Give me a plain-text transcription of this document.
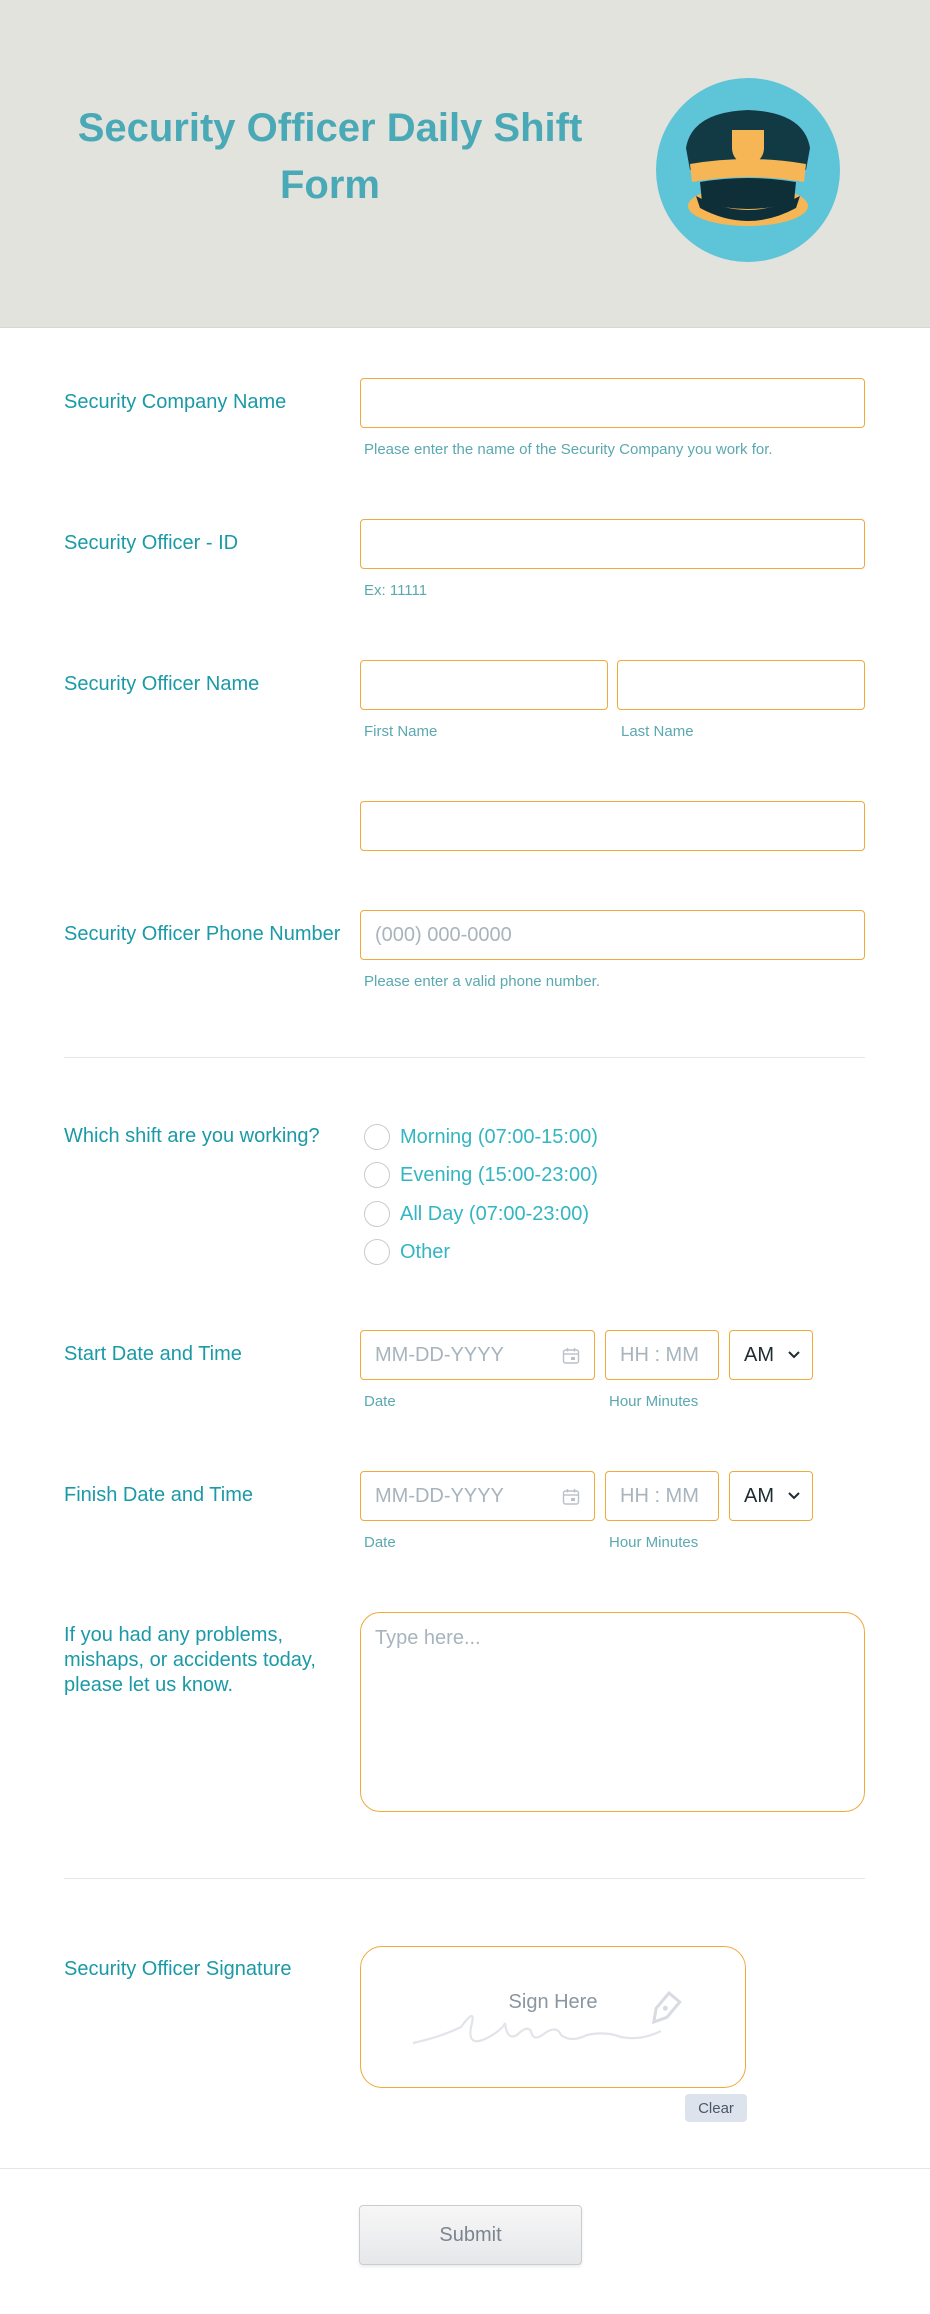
Security Officer Daily Shift Form
Security Company Name
Please enter the name of the Security Company you work for.
Security Officer - ID
Ex: 11111
Security Officer Name
First Name	Last Name
Security Officer Phone Number	(000) 000-0000
Please enter a valid phone number.
Which shift are you working?	Morning (07:00-15:00)
Evening (15:00-23:00)
All Day (07:00-23:00)
Other
Start Date and Time	MM-DD-YYYY	HH : MM	AM
Date	Hour Minutes
Finish Date and Time	MM-DD-YYYY	HH : MM	AM
Date	Hour Minutes
If you had any problems, mishaps, or accidents today, please let us know.
Type here...
Security Officer Signature
Sign Here
Clear
Submit
